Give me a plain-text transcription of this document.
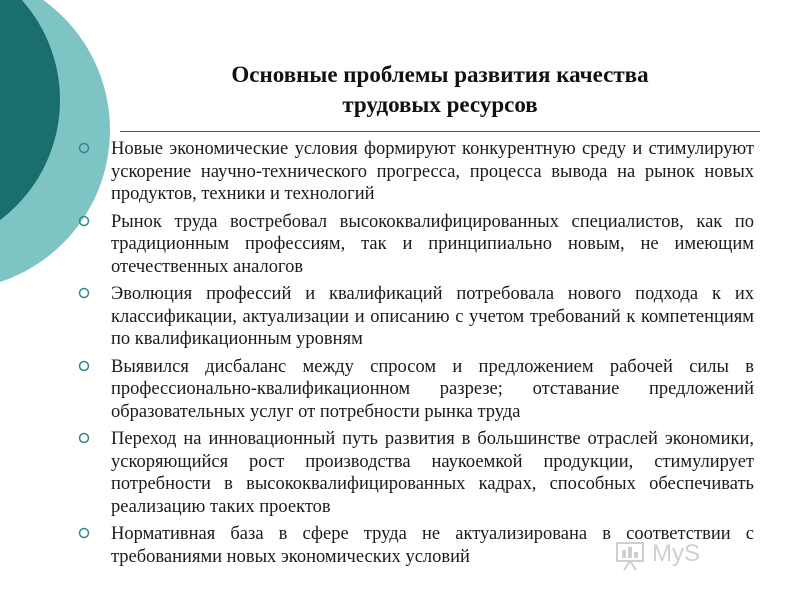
Основные проблемы развития качества
трудовых ресурсов
Новые экономические условия формируют конкурентную среду и стимулируют ускорение научно-технического прогресса, процесса вывода на рынок новых продуктов, техники и технологий
Рынок труда востребовал высококвалифицированных специалистов, как по традиционным профессиям, так и принципиально новым, не имеющим отечественных аналогов
Эволюция профессий и квалификаций потребовала нового подхода к их классификации, актуализации и описанию с учетом требований к компетенциям по квалификационным уровням
Выявился дисбаланс между спросом и предложением рабочей силы в профессионально-квалификационном разрезе; отставание предложений образовательных услуг от потребности рынка труда
Переход на инновационный путь развития в большинстве отраслей экономики, ускоряющийся рост производства наукоемкой продукции, стимулирует потребности в высококвалифицированных кадрах, способных обеспечивать реализацию таких проектов
Нормативная база в сфере труда не актуализирована в соответствии с требованиями новых экономических условий	MyS
